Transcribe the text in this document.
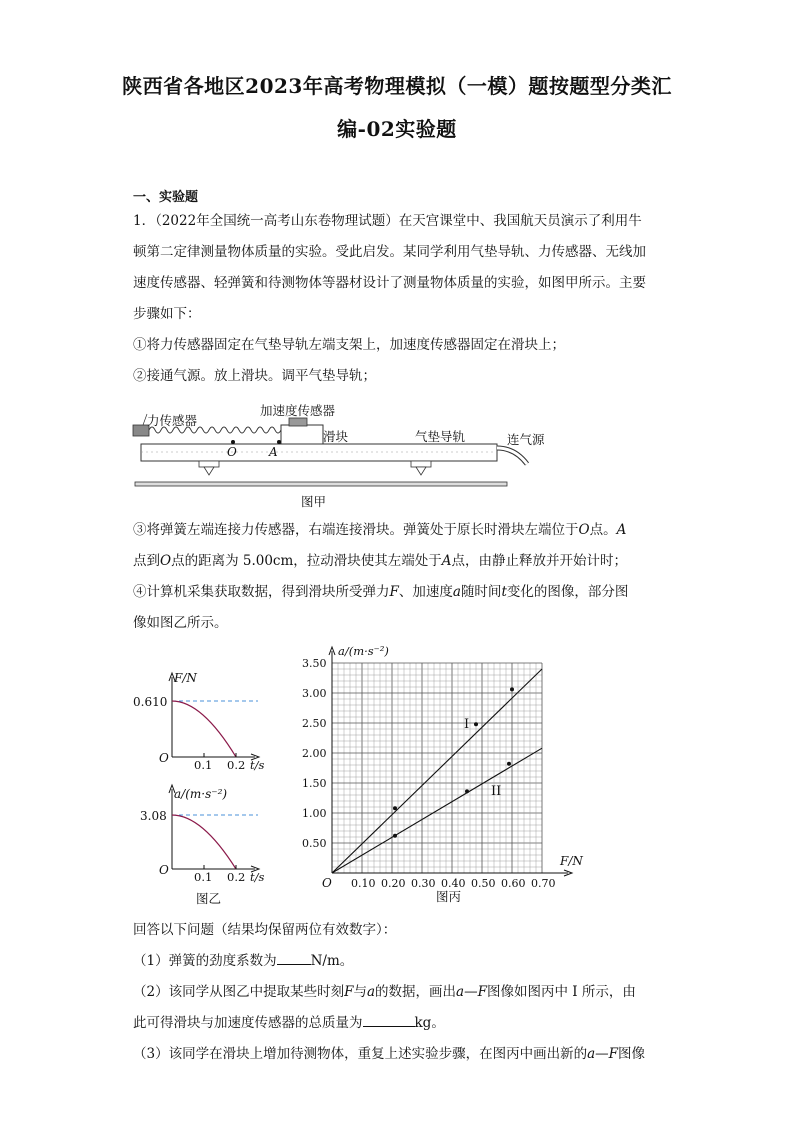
陕西省各地区2023年高考物理模拟（一模）题按题型分类汇
编-02实验题
一、实验题
1．（2022年全国统一高考山东卷物理试题）在天宫课堂中、我国航天员演示了利用牛
顿第二定律测量物体质量的实验。受此启发。某同学利用气垫导轨、力传感器、无线加
速度传感器、轻弹簧和待测物体等器材设计了测量物体质量的实验，如图甲所示。主要
步骤如下：
①将力传感器固定在气垫导轨左端支架上，加速度传感器固定在滑块上；
②接通气源。放上滑块。调平气垫导轨；
力传感器
加速度传感器
滑块	气垫导轨	连气源
O	A
图甲
③将弹簧左端连接力传感器，右端连接滑块。弹簧处于原长时滑块左端位于O点。A
点到O点的距离为 5.00cm，拉动滑块使其左端处于A点，由静止释放并开始计时；
④计算机采集获取数据，得到滑块所受弹力F、加速度a随时间t变化的图像，部分图
像如图乙所示。
F/N
0.610
O 0.1 0.2 t/s
a/(m·s⁻²)
3.08
O 0.1 0.2 t/s
图乙
0.10 0.20 0.30 0.40 0.50 0.60 0.70
0.50
1.00
1.50
2.00
2.50
3.00
3.50
O
F/N
a/(m·s⁻²)
I
II
图丙
回答以下问题（结果均保留两位有效数字）：
（1）弹簧的劲度系数为	N/m。
（2）该同学从图乙中提取某些时刻F与a的数据，画出a—F图像如图丙中 I 所示，由
此可得滑块与加速度传感器的总质量为	kg。
（3）该同学在滑块上增加待测物体，重复上述实验步骤，在图丙中画出新的a—F图像
